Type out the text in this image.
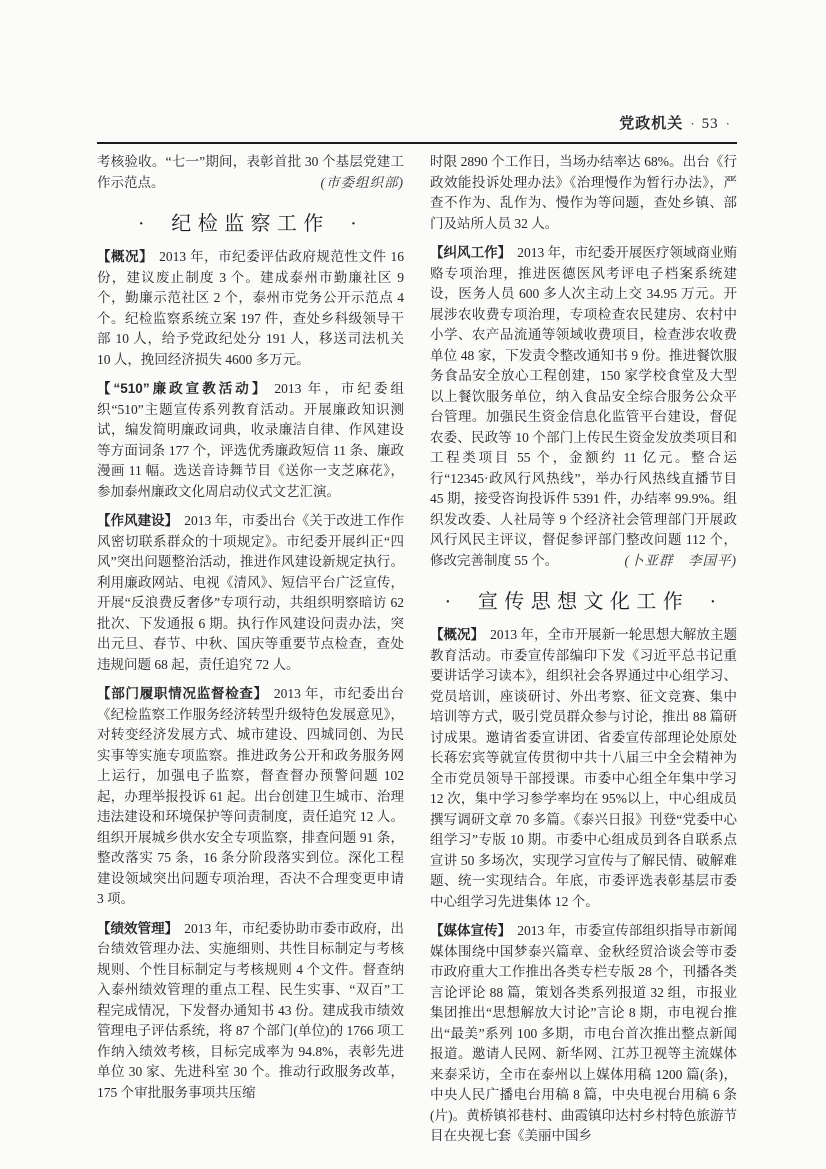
党政机关 · 53 ·

考核验收。“七一”期间，表彰首批 30 个基层党建工作示范点。	(市委组织部)

· 纪检监察工作 ·

【概况】 2013 年，市纪委评估政府规范性文件 16 份，建议废止制度 3 个。建成泰州市勤廉社区 9 个，勤廉示范社区 2 个，泰州市党务公开示范点 4 个。纪检监察系统立案 197 件，查处乡科级领导干部 10 人，给予党政纪处分 191 人，移送司法机关 10 人，挽回经济损失 4600 多万元。

【“510”廉政宣教活动】 2013 年，市纪委组织“510”主题宣传系列教育活动。开展廉政知识测试，编发简明廉政词典，收录廉洁自律、作风建设等方面词条 177 个，评选优秀廉政短信 11 条、廉政漫画 11 幅。选送音诗舞节目《送你一支芝麻花》，参加泰州廉政文化周启动仪式文艺汇演。

【作风建设】 2013 年，市委出台《关于改进工作作风密切联系群众的十项规定》。市纪委开展纠正“四风”突出问题整治活动，推进作风建设新规定执行。利用廉政网站、电视《清风》、短信平台广泛宣传，开展“反浪费反奢侈”专项行动，共组织明察暗访 62 批次、下发通报 6 期。执行作风建设问责办法，突出元旦、春节、中秋、国庆等重要节点检查，查处违规问题 68 起，责任追究 72 人。

【部门履职情况监督检查】 2013 年，市纪委出台《纪检监察工作服务经济转型升级特色发展意见》，对转变经济发展方式、城市建设、四城同创、为民实事等实施专项监察。推进政务公开和政务服务网上运行，加强电子监察，督查督办预警问题 102 起，办理举报投诉 61 起。出台创建卫生城市、治理违法建设和环境保护等问责制度，责任追究 12 人。组织开展城乡供水安全专项监察，排查问题 91 条，整改落实 75 条，16 条分阶段落实到位。深化工程建设领域突出问题专项治理，否决不合理变更申请 3 项。

【绩效管理】 2013 年，市纪委协助市委市政府，出台绩效管理办法、实施细则、共性目标制定与考核规则、个性目标制定与考核规则 4 个文件。督查纳入泰州绩效管理的重点工程、民生实事、“双百”工程完成情况，下发督办通知书 43 份。建成我市绩效管理电子评估系统，将 87 个部门(单位)的 1766 项工作纳入绩效考核，目标完成率为 94.8%，表彰先进单位 30 家、先进科室 30 个。推动行政服务改革，175 个审批服务事项共压缩

时限 2890 个工作日，当场办结率达 68%。出台《行政效能投诉处理办法》《治理慢作为暂行办法》，严查不作为、乱作为、慢作为等问题，查处乡镇、部门及站所人员 32 人。

【纠风工作】 2013 年，市纪委开展医疗领域商业贿赂专项治理，推进医德医风考评电子档案系统建设，医务人员 600 多人次主动上交 34.95 万元。开展涉农收费专项治理，专项检查农民建房、农村中小学、农产品流通等领域收费项目，检查涉农收费单位 48 家，下发责令整改通知书 9 份。推进餐饮服务食品安全放心工程创建，150 家学校食堂及大型以上餐饮服务单位，纳入食品安全综合服务公众平台管理。加强民生资金信息化监管平台建设，督促农委、民政等 10 个部门上传民生资金发放类项目和工程类项目 55 个，金额约 11 亿元。整合运行“12345·政风行风热线”，举办行风热线直播节目 45 期，接受咨询投诉件 5391 件，办结率 99.9%。组织发改委、人社局等 9 个经济社会管理部门开展政风行风民主评议，督促参评部门整改问题 112 个，修改完善制度 55 个。	(卜亚群　李国平)

· 宣传思想文化工作 ·

【概况】 2013 年，全市开展新一轮思想大解放主题教育活动。市委宣传部编印下发《习近平总书记重要讲话学习读本》，组织社会各界通过中心组学习、党员培训，座谈研讨、外出考察、征文竞赛、集中培训等方式，吸引党员群众参与讨论，推出 88 篇研讨成果。邀请省委宣讲团、省委宣传部理论处原处长蒋宏宾等就宣传贯彻中共十八届三中全会精神为全市党员领导干部授课。市委中心组全年集中学习 12 次，集中学习参学率均在 95%以上，中心组成员撰写调研文章 70 多篇。《泰兴日报》刊登“党委中心组学习”专版 10 期。市委中心组成员到各自联系点宣讲 50 多场次，实现学习宣传与了解民情、破解难题、统一实现结合。年底，市委评选表彰基层市委中心组学习先进集体 12 个。

【媒体宣传】 2013 年，市委宣传部组织指导市新闻媒体围绕中国梦泰兴篇章、金秋经贸洽谈会等市委市政府重大工作推出各类专栏专版 28 个，刊播各类言论评论 88 篇，策划各类系列报道 32 组，市报业集团推出“思想解放大讨论”言论 8 期，市电视台推出“最美”系列 100 多期，市电台首次推出整点新闻报道。邀请人民网、新华网、江苏卫视等主流媒体来泰采访，全市在泰州以上媒体用稿 1200 篇(条)，中央人民广播电台用稿 8 篇，中央电视台用稿 6 条(片)。黄桥镇祁巷村、曲霞镇印达村乡村特色旅游节目在央视七套《美丽中国乡
